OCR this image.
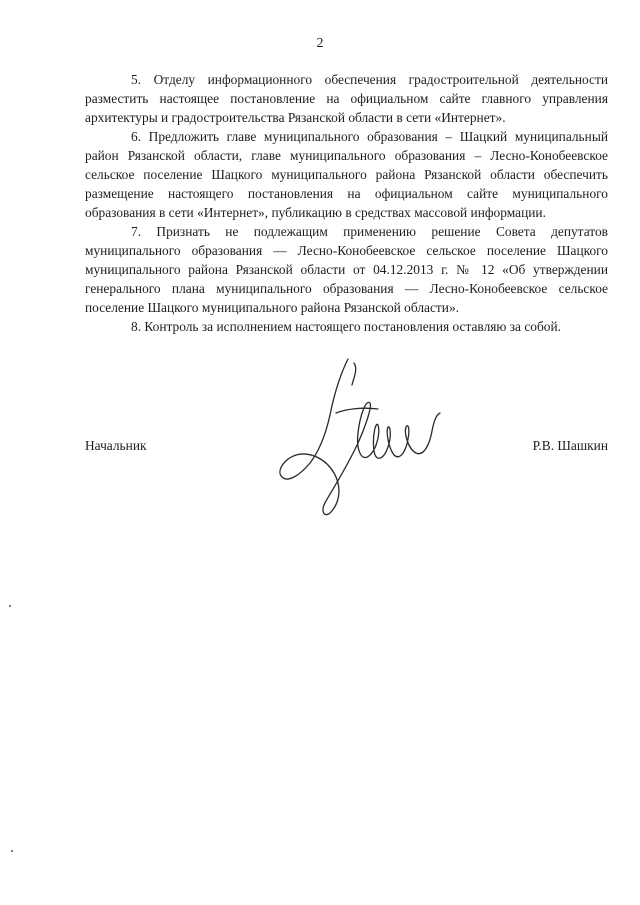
2

5. Отделу информационного обеспечения градостроительной деятельности разместить настоящее постановление на официальном сайте главного управления архитектуры и градостроительства Рязанской области в сети «Интернет».

6. Предложить главе муниципального образования – Шацкий муниципальный район Рязанской области, главе муниципального образования – Лесно-Конобеевское сельское поселение Шацкого муниципального района Рязанской области обеспечить размещение настоящего постановления на официальном сайте муниципального образования в сети «Интернет», публикацию в средствах массовой информации.

7. Признать не подлежащим применению решение Совета депутатов муниципального образования — Лесно-Конобеевское сельское поселение Шацкого муниципального района Рязанской области от 04.12.2013 г. № 12 «Об утверждении генерального плана муниципального образования — Лесно-Конобеевское сельское поселение Шацкого муниципального района Рязанской области».

8. Контроль за исполнением настоящего постановления оставляю за собой.

Начальник	Р.В. Шашкин
